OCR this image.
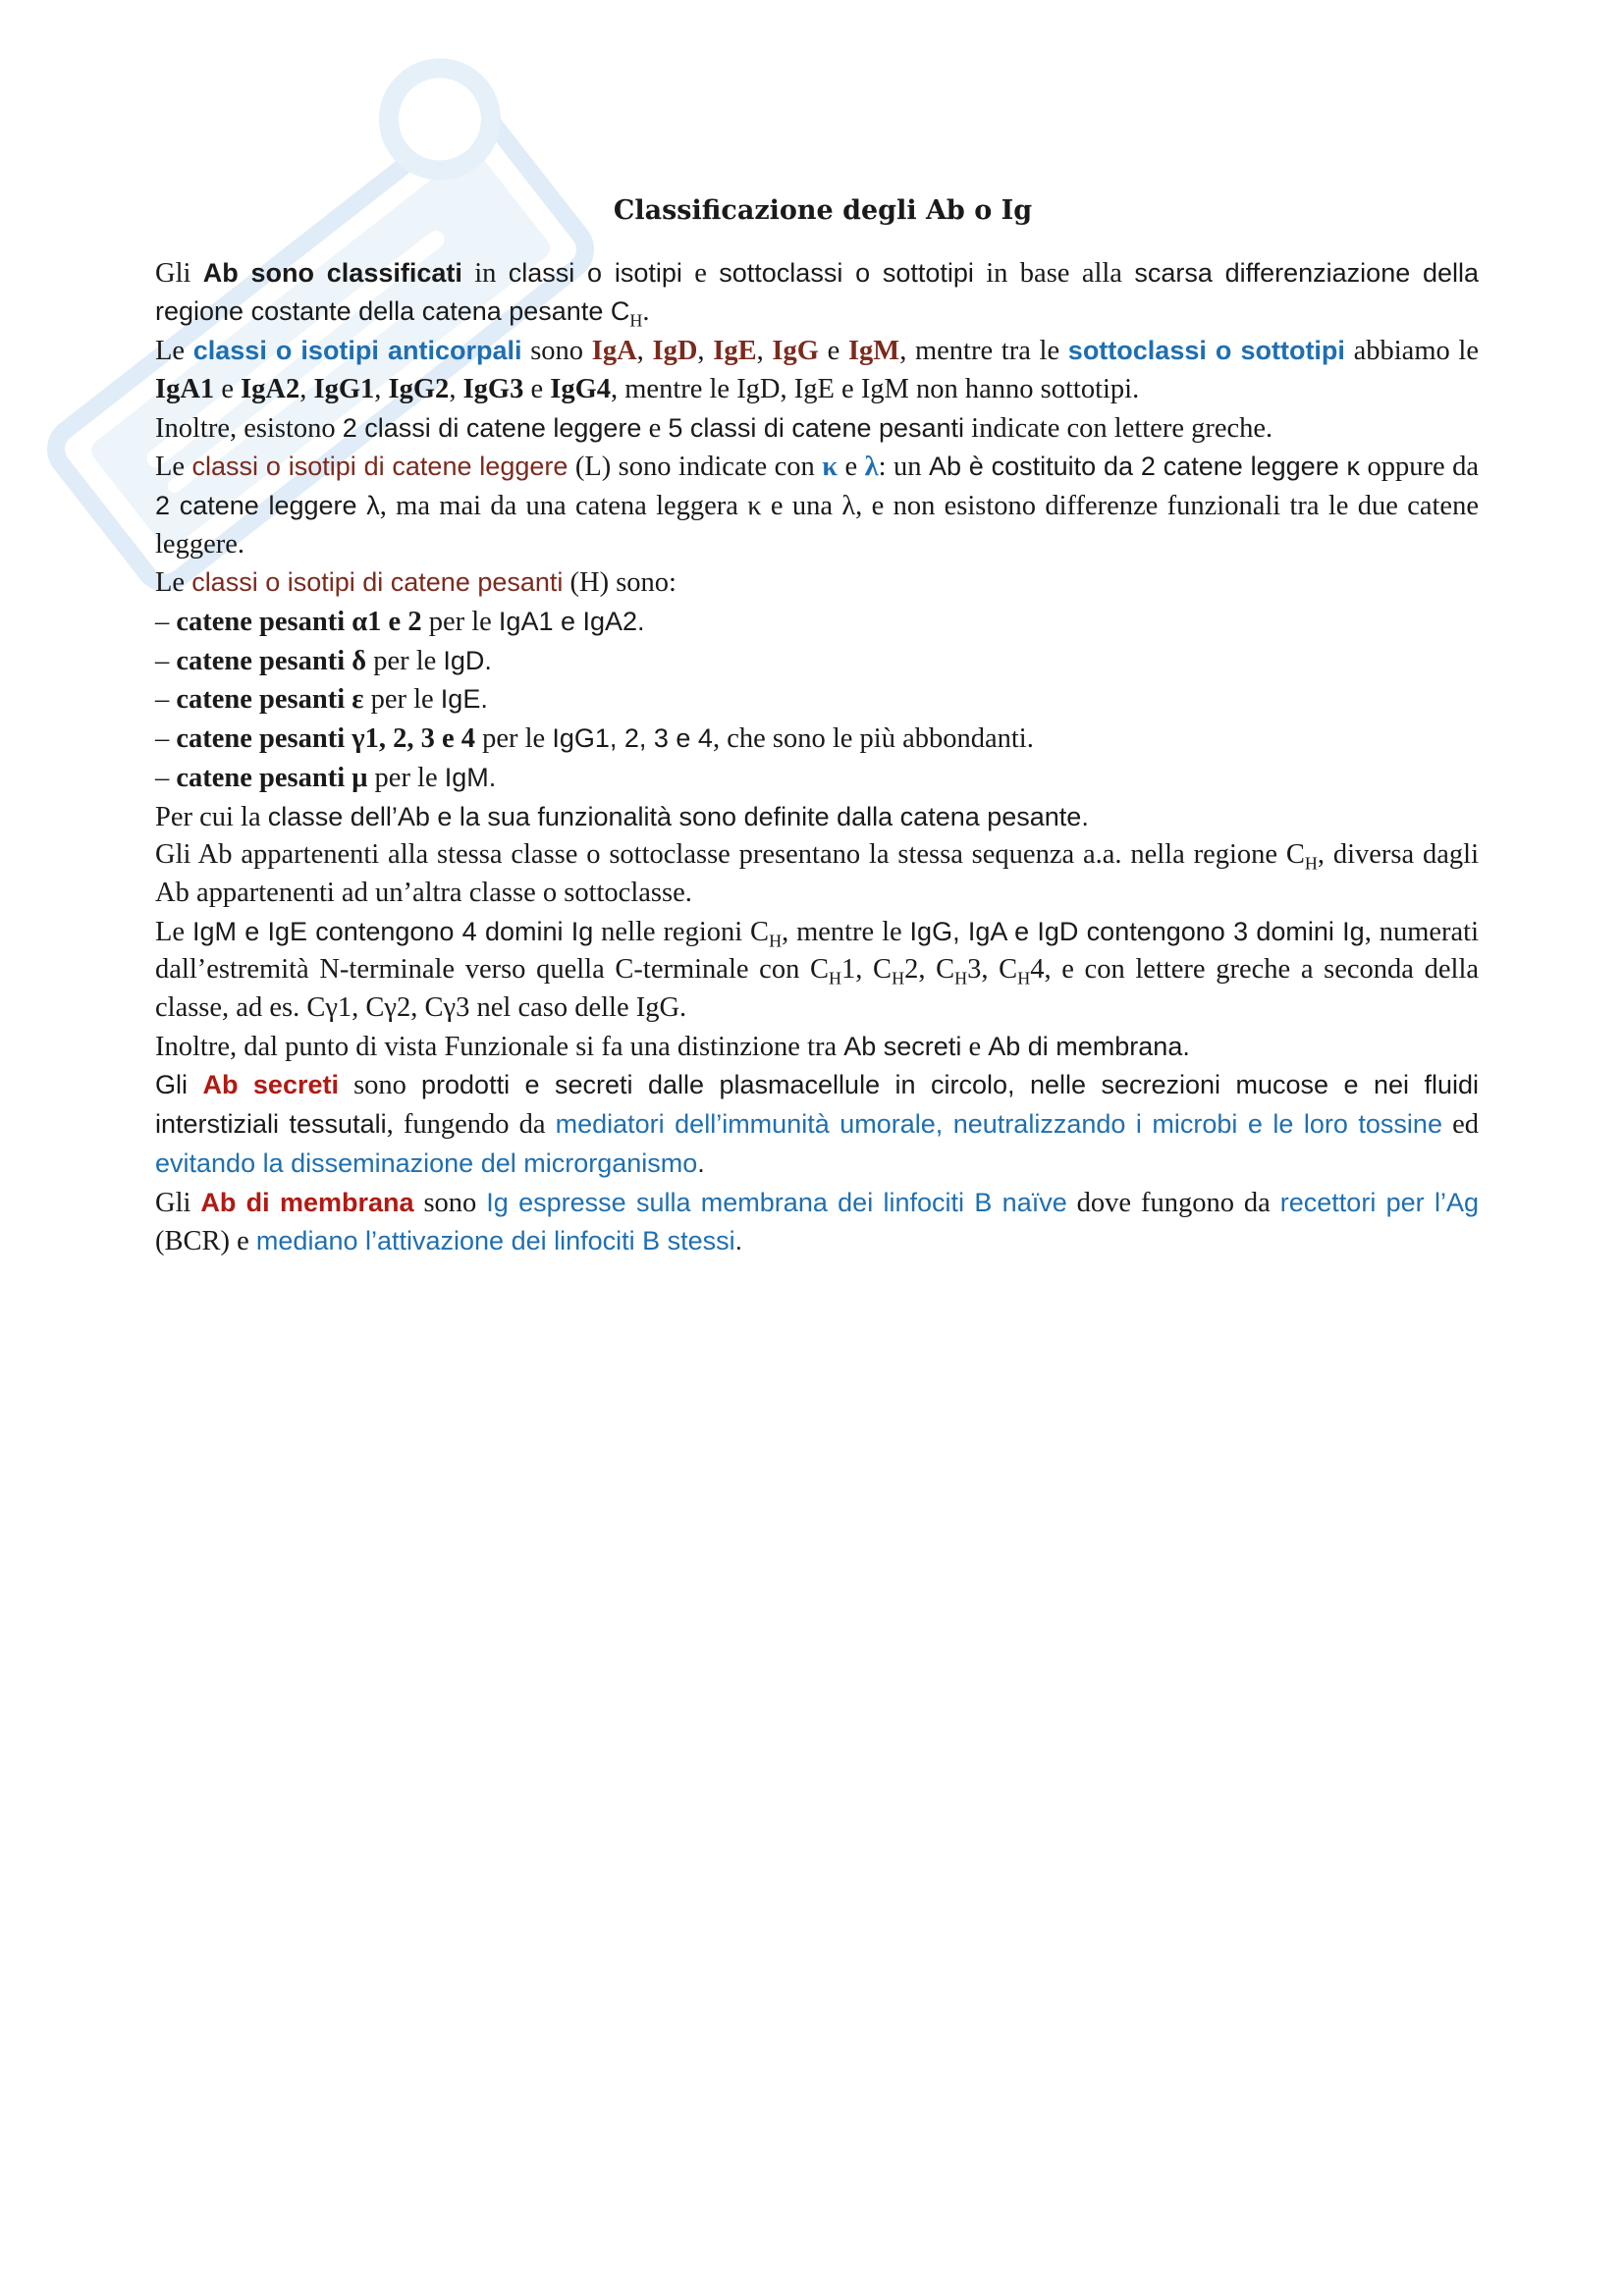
Classificazione degli Ab o Ig

Gli Ab sono classificati in classi o isotipi e sottoclassi o sottotipi in base alla scarsa differenziazione della regione costante della catena pesante $C_H$.

Le classi o isotipi anticorpali sono IgA, IgD, IgE, IgG e IgM, mentre tra le sottoclassi o sottotipi abbiamo le IgA1 e IgA2, IgG1, IgG2, IgG3 e IgG4, mentre le IgD, IgE e IgM non hanno sottotipi.

Inoltre, esistono 2 classi di catene leggere e 5 classi di catene pesanti indicate con lettere greche.

Le classi o isotipi di catene leggere (L) sono indicate con κ e λ: un Ab è costituito da 2 catene leggere κ oppure da 2 catene leggere λ, ma mai da una catena leggera κ e una λ, e non esistono differenze funzionali tra le due catene leggere.

Le classi o isotipi di catene pesanti (H) sono:

– catene pesanti α1 e 2 per le IgA1 e IgA2.

– catene pesanti δ per le IgD.

– catene pesanti ε per le IgE.

– catene pesanti γ1, 2, 3 e 4 per le IgG1, 2, 3 e 4, che sono le più abbondanti.

– catene pesanti μ per le IgM.

Per cui la classe dell’Ab e la sua funzionalità sono definite dalla catena pesante.

Gli Ab appartenenti alla stessa classe o sottoclasse presentano la stessa sequenza a.a. nella regione $C_H$, diversa dagli Ab appartenenti ad un’altra classe o sottoclasse.

Le IgM e IgE contengono 4 domini Ig nelle regioni $C_H$, mentre le IgG, IgA e IgD contengono 3 domini Ig, numerati dall’estremità N-terminale verso quella C-terminale con $C_H1$, $C_H2$, $C_H3$, $C_H4$, e con lettere greche a seconda della classe, ad es. Cγ1, Cγ2, Cγ3 nel caso delle IgG.

Inoltre, dal punto di vista Funzionale si fa una distinzione tra Ab secreti e Ab di membrana.

Gli Ab secreti sono prodotti e secreti dalle plasmacellule in circolo, nelle secrezioni mucose e nei fluidi interstiziali tessutali, fungendo da mediatori dell’immunità umorale, neutralizzando i microbi e le loro tossine ed evitando la disseminazione del microrganismo.

Gli Ab di membrana sono Ig espresse sulla membrana dei linfociti B naïve dove fungono da recettori per l’Ag (BCR) e mediano l’attivazione dei linfociti B stessi.
